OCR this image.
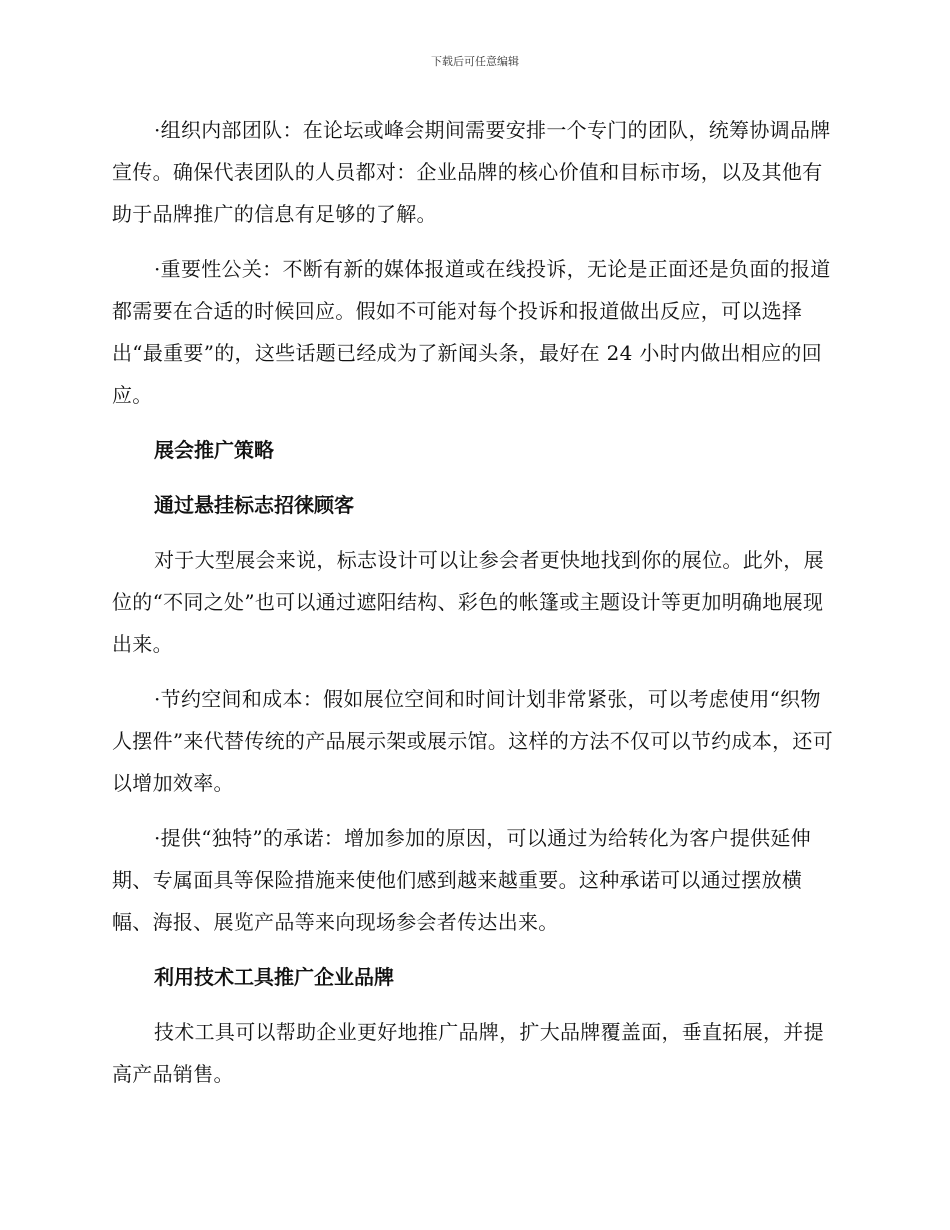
下载后可任意编辑

·组织内部团队：在论坛或峰会期间需要安排一个专门的团队，统筹协调品牌宣传。确保代表团队的人员都对：企业品牌的核心价值和目标市场，以及其他有助于品牌推广的信息有足够的了解。

·重要性公关：不断有新的媒体报道或在线投诉，无论是正面还是负面的报道都需要在合适的时候回应。假如不可能对每个投诉和报道做出反应，可以选择出“最重要”的，这些话题已经成为了新闻头条，最好在 24 小时内做出相应的回应。

展会推广策略

通过悬挂标志招徕顾客

对于大型展会来说，标志设计可以让参会者更快地找到你的展位。此外，展位的“不同之处”也可以通过遮阳结构、彩色的帐篷或主题设计等更加明确地展现出来。

·节约空间和成本：假如展位空间和时间计划非常紧张，可以考虑使用“织物人摆件”来代替传统的产品展示架或展示馆。这样的方法不仅可以节约成本，还可以增加效率。

·提供“独特”的承诺：增加参加的原因，可以通过为给转化为客户提供延伸期、专属面具等保险措施来使他们感到越来越重要。这种承诺可以通过摆放横幅、海报、展览产品等来向现场参会者传达出来。

利用技术工具推广企业品牌

技术工具可以帮助企业更好地推广品牌，扩大品牌覆盖面，垂直拓展，并提高产品销售。
